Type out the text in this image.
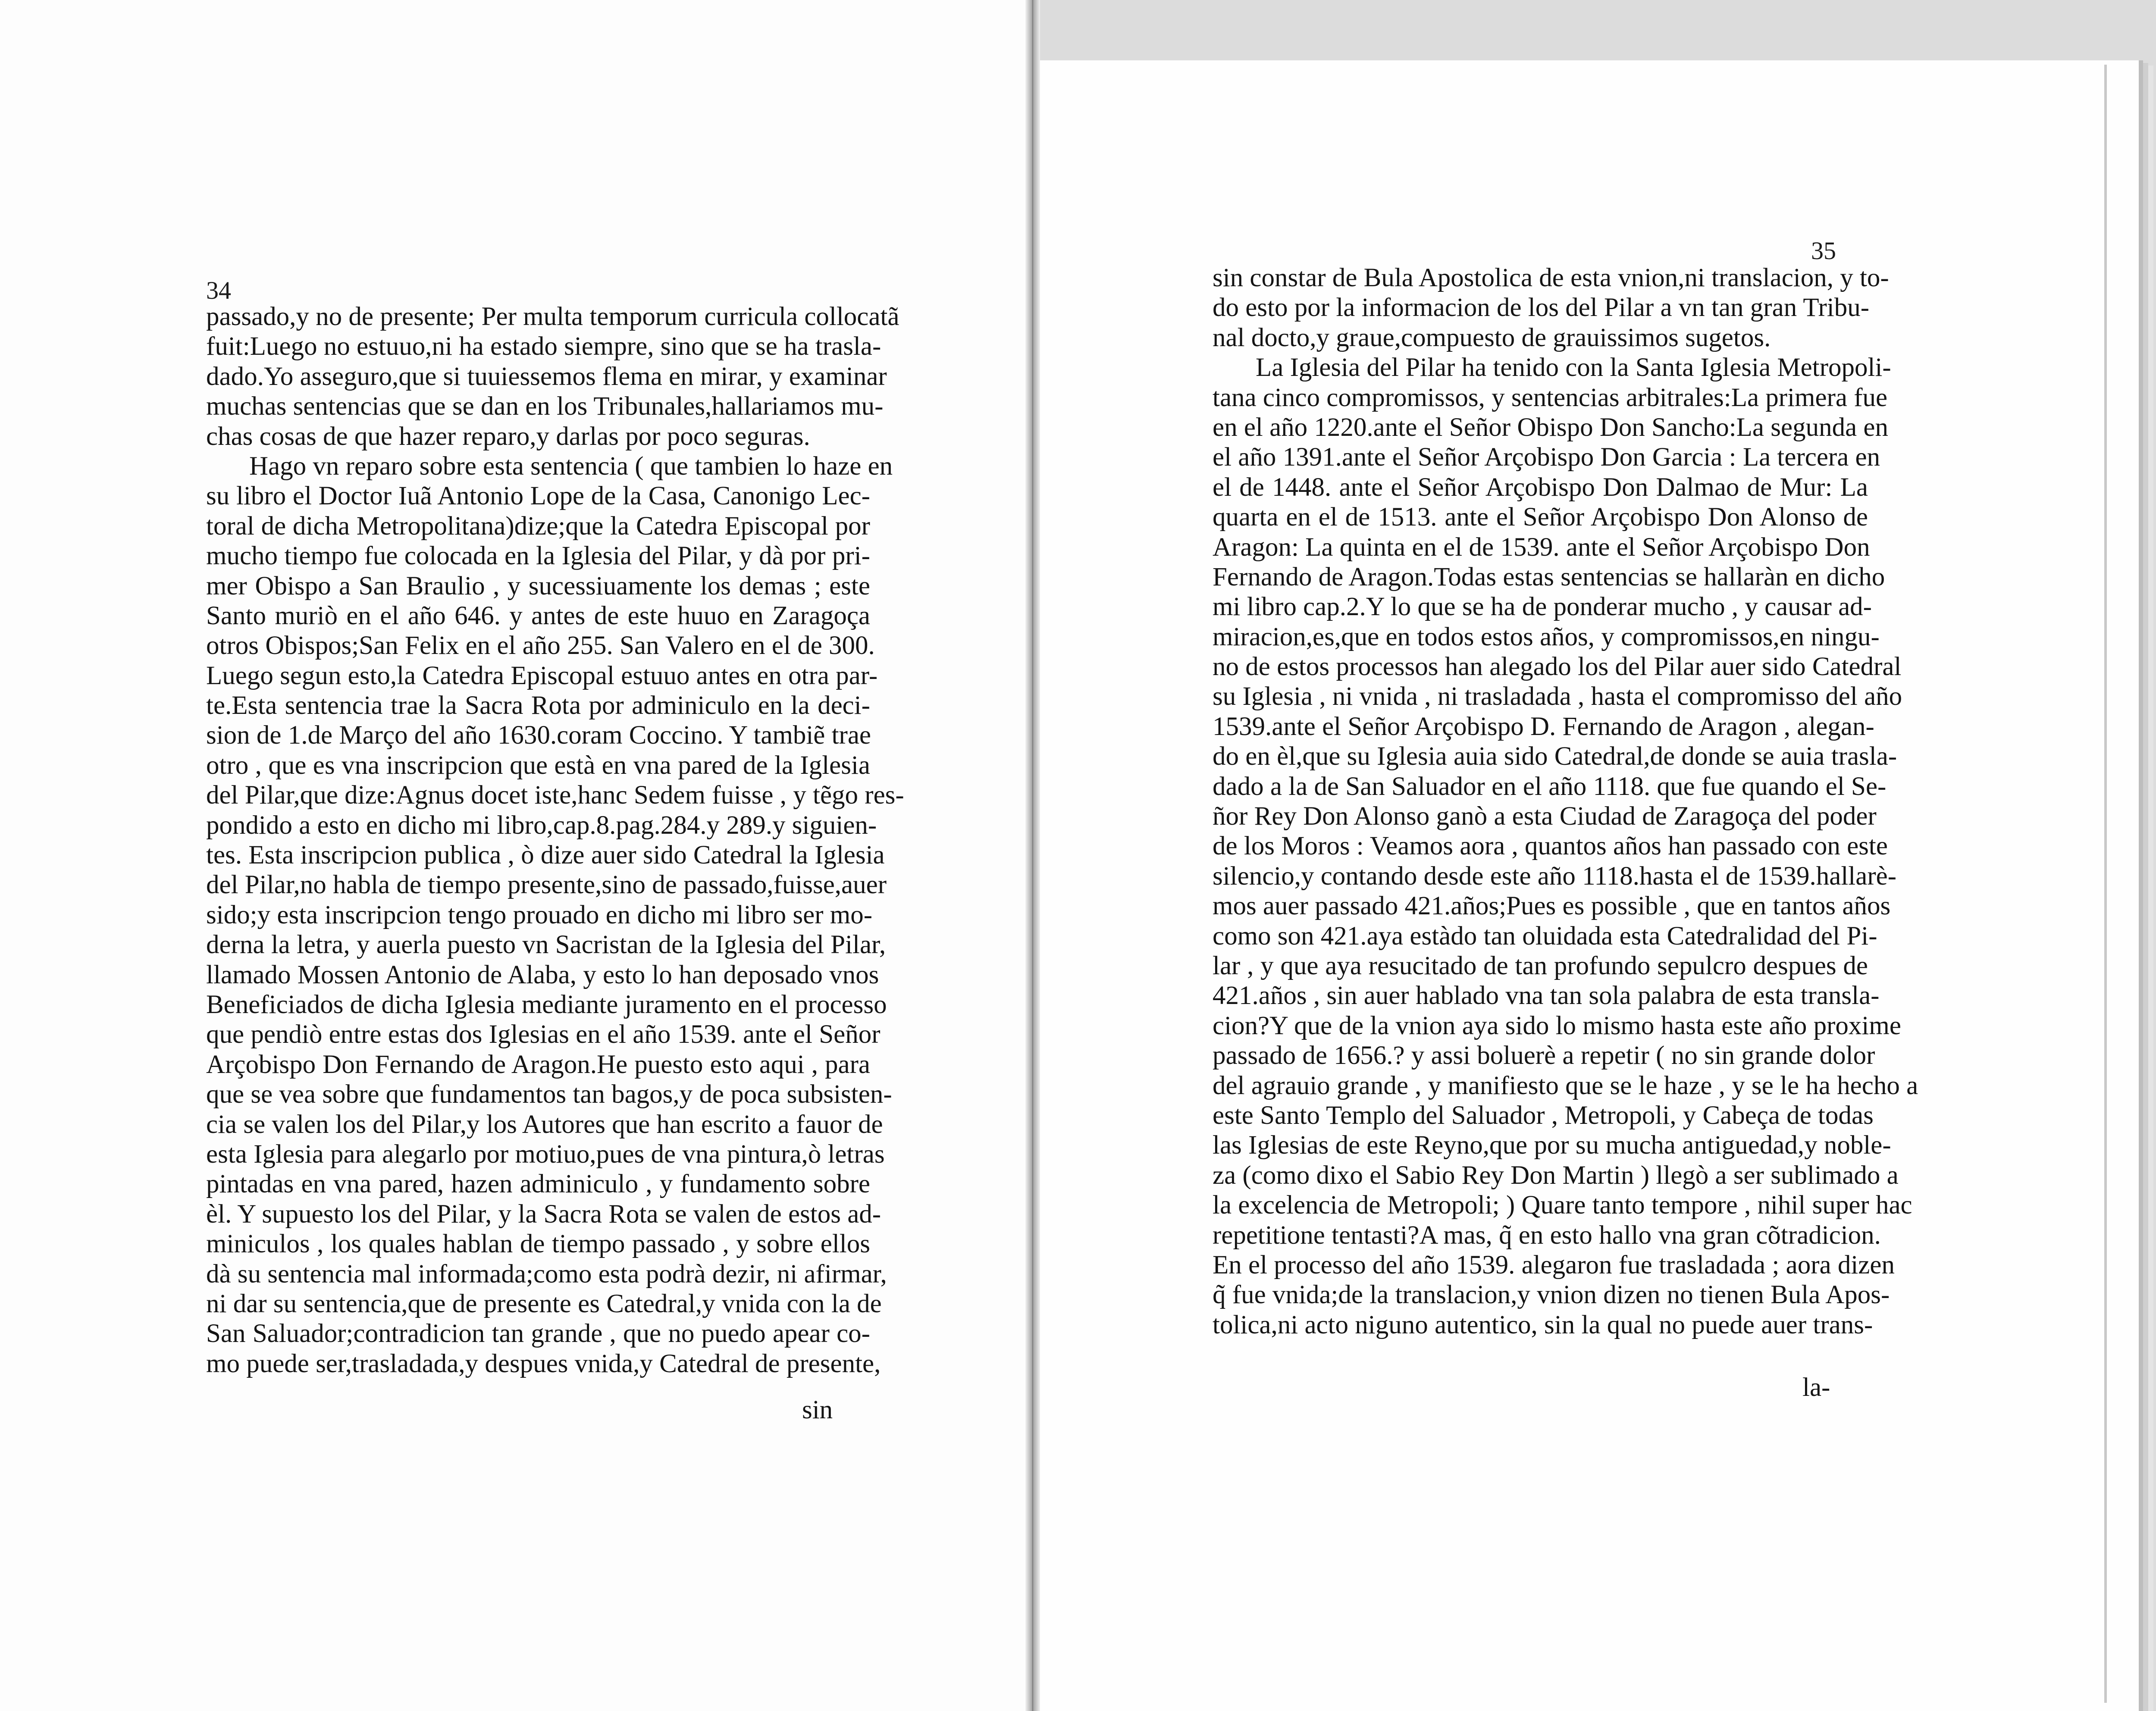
34
35
passado,y no de presente; Per multa temporum curricula collocatã
fuit:Luego no estuuo,ni ha estado siempre, sino que se ha trasla-
dado.Yo asseguro,que si tuuiessemos flema en mirar, y examinar
muchas sentencias que se dan en los Tribunales,hallariamos mu-
chas cosas de que hazer reparo,y darlas por poco seguras.
Hago vn reparo sobre esta sentencia ( que tambien lo haze en
su libro el Doctor Iuã Antonio Lope de la Casa, Canonigo Lec-
toral de dicha Metropolitana)dize;que la Catedra Episcopal por
mucho tiempo fue colocada en la Iglesia del Pilar, y dà por pri-
mer Obispo a San Braulio , y sucessiuamente los demas ; este
Santo muriò en el año 646. y antes de este huuo en Zaragoça
otros Obispos;San Felix en el año 255. San Valero en el de 300.
Luego segun esto,la Catedra Episcopal estuuo antes en otra par-
te.Esta sentencia trae la Sacra Rota por adminiculo en la deci-
sion de 1.de Março del año 1630.coram Coccino. Y tambiẽ trae
otro , que es vna inscripcion que està en vna pared de la Iglesia
del Pilar,que dize:Agnus docet iste,hanc Sedem fuisse , y tẽgo res-
pondido a esto en dicho mi libro,cap.8.pag.284.y 289.y siguien-
tes. Esta inscripcion publica , ò dize auer sido Catedral la Iglesia
del Pilar,no habla de tiempo presente,sino de passado,fuisse,auer
sido;y esta inscripcion tengo prouado en dicho mi libro ser mo-
derna la letra, y auerla puesto vn Sacristan de la Iglesia del Pilar,
llamado Mossen Antonio de Alaba, y esto lo han deposado vnos
Beneficiados de dicha Iglesia mediante juramento en el processo
que pendiò entre estas dos Iglesias en el año 1539. ante el Señor
Arçobispo Don Fernando de Aragon.He puesto esto aqui , para
que se vea sobre que fundamentos tan bagos,y de poca subsisten-
cia se valen los del Pilar,y los Autores que han escrito a fauor de
esta Iglesia para alegarlo por motiuo,pues de vna pintura,ò letras
pintadas en vna pared, hazen adminiculo , y fundamento sobre
èl. Y supuesto los del Pilar, y la Sacra Rota se valen de estos ad-
miniculos , los quales hablan de tiempo passado , y sobre ellos
dà su sentencia mal informada;como esta podrà dezir, ni afirmar,
ni dar su sentencia,que de presente es Catedral,y vnida con la de
San Saluador;contradicion tan grande , que no puedo apear co-
mo puede ser,trasladada,y despues vnida,y Catedral de presente,
sin constar de Bula Apostolica de esta vnion,ni translacion, y to-
do esto por la informacion de los del Pilar a vn tan gran Tribu-
nal docto,y graue,compuesto de grauissimos sugetos.
La Iglesia del Pilar ha tenido con la Santa Iglesia Metropoli-
tana cinco compromissos, y sentencias arbitrales:La primera fue
en el año 1220.ante el Señor Obispo Don Sancho:La segunda en
el año 1391.ante el Señor Arçobispo Don Garcia : La tercera en
el de 1448. ante el Señor Arçobispo Don Dalmao de Mur: La
quarta en el de 1513. ante el Señor Arçobispo Don Alonso de
Aragon: La quinta en el de 1539. ante el Señor Arçobispo Don
Fernando de Aragon.Todas estas sentencias se hallaràn en dicho
mi libro cap.2.Y lo que se ha de ponderar mucho , y causar ad-
miracion,es,que en todos estos años, y compromissos,en ningu-
no de estos processos han alegado los del Pilar auer sido Catedral
su Iglesia , ni vnida , ni trasladada , hasta el compromisso del año
1539.ante el Señor Arçobispo D. Fernando de Aragon , alegan-
do en èl,que su Iglesia auia sido Catedral,de donde se auia trasla-
dado a la de San Saluador en el año 1118. que fue quando el Se-
ñor Rey Don Alonso ganò a esta Ciudad de Zaragoça del poder
de los Moros : Veamos aora , quantos años han passado con este
silencio,y contando desde este año 1118.hasta el de 1539.hallarè-
mos auer passado 421.años;Pues es possible , que en tantos años
como son 421.aya estàdo tan oluidada esta Catedralidad del Pi-
lar , y que aya resucitado de tan profundo sepulcro despues de
421.años , sin auer hablado vna tan sola palabra de esta transla-
cion?Y que de la vnion aya sido lo mismo hasta este año proxime
passado de 1656.? y assi boluerè a repetir ( no sin grande dolor
del agrauio grande , y manifiesto que se le haze , y se le ha hecho a
este Santo Templo del Saluador , Metropoli, y Cabeça de todas
las Iglesias de este Reyno,que por su mucha antiguedad,y noble-
za (como dixo el Sabio Rey Don Martin ) llegò a ser sublimado a
la excelencia de Metropoli; ) Quare tanto tempore , nihil super hac
repetitione tentasti?A mas, q̃ en esto hallo vna gran cõtradicion.
En el processo del año 1539. alegaron fue trasladada ; aora dizen
q̃ fue vnida;de la translacion,y vnion dizen no tienen Bula Apos-
tolica,ni acto niguno autentico, sin la qual no puede auer trans-
sin
la-
